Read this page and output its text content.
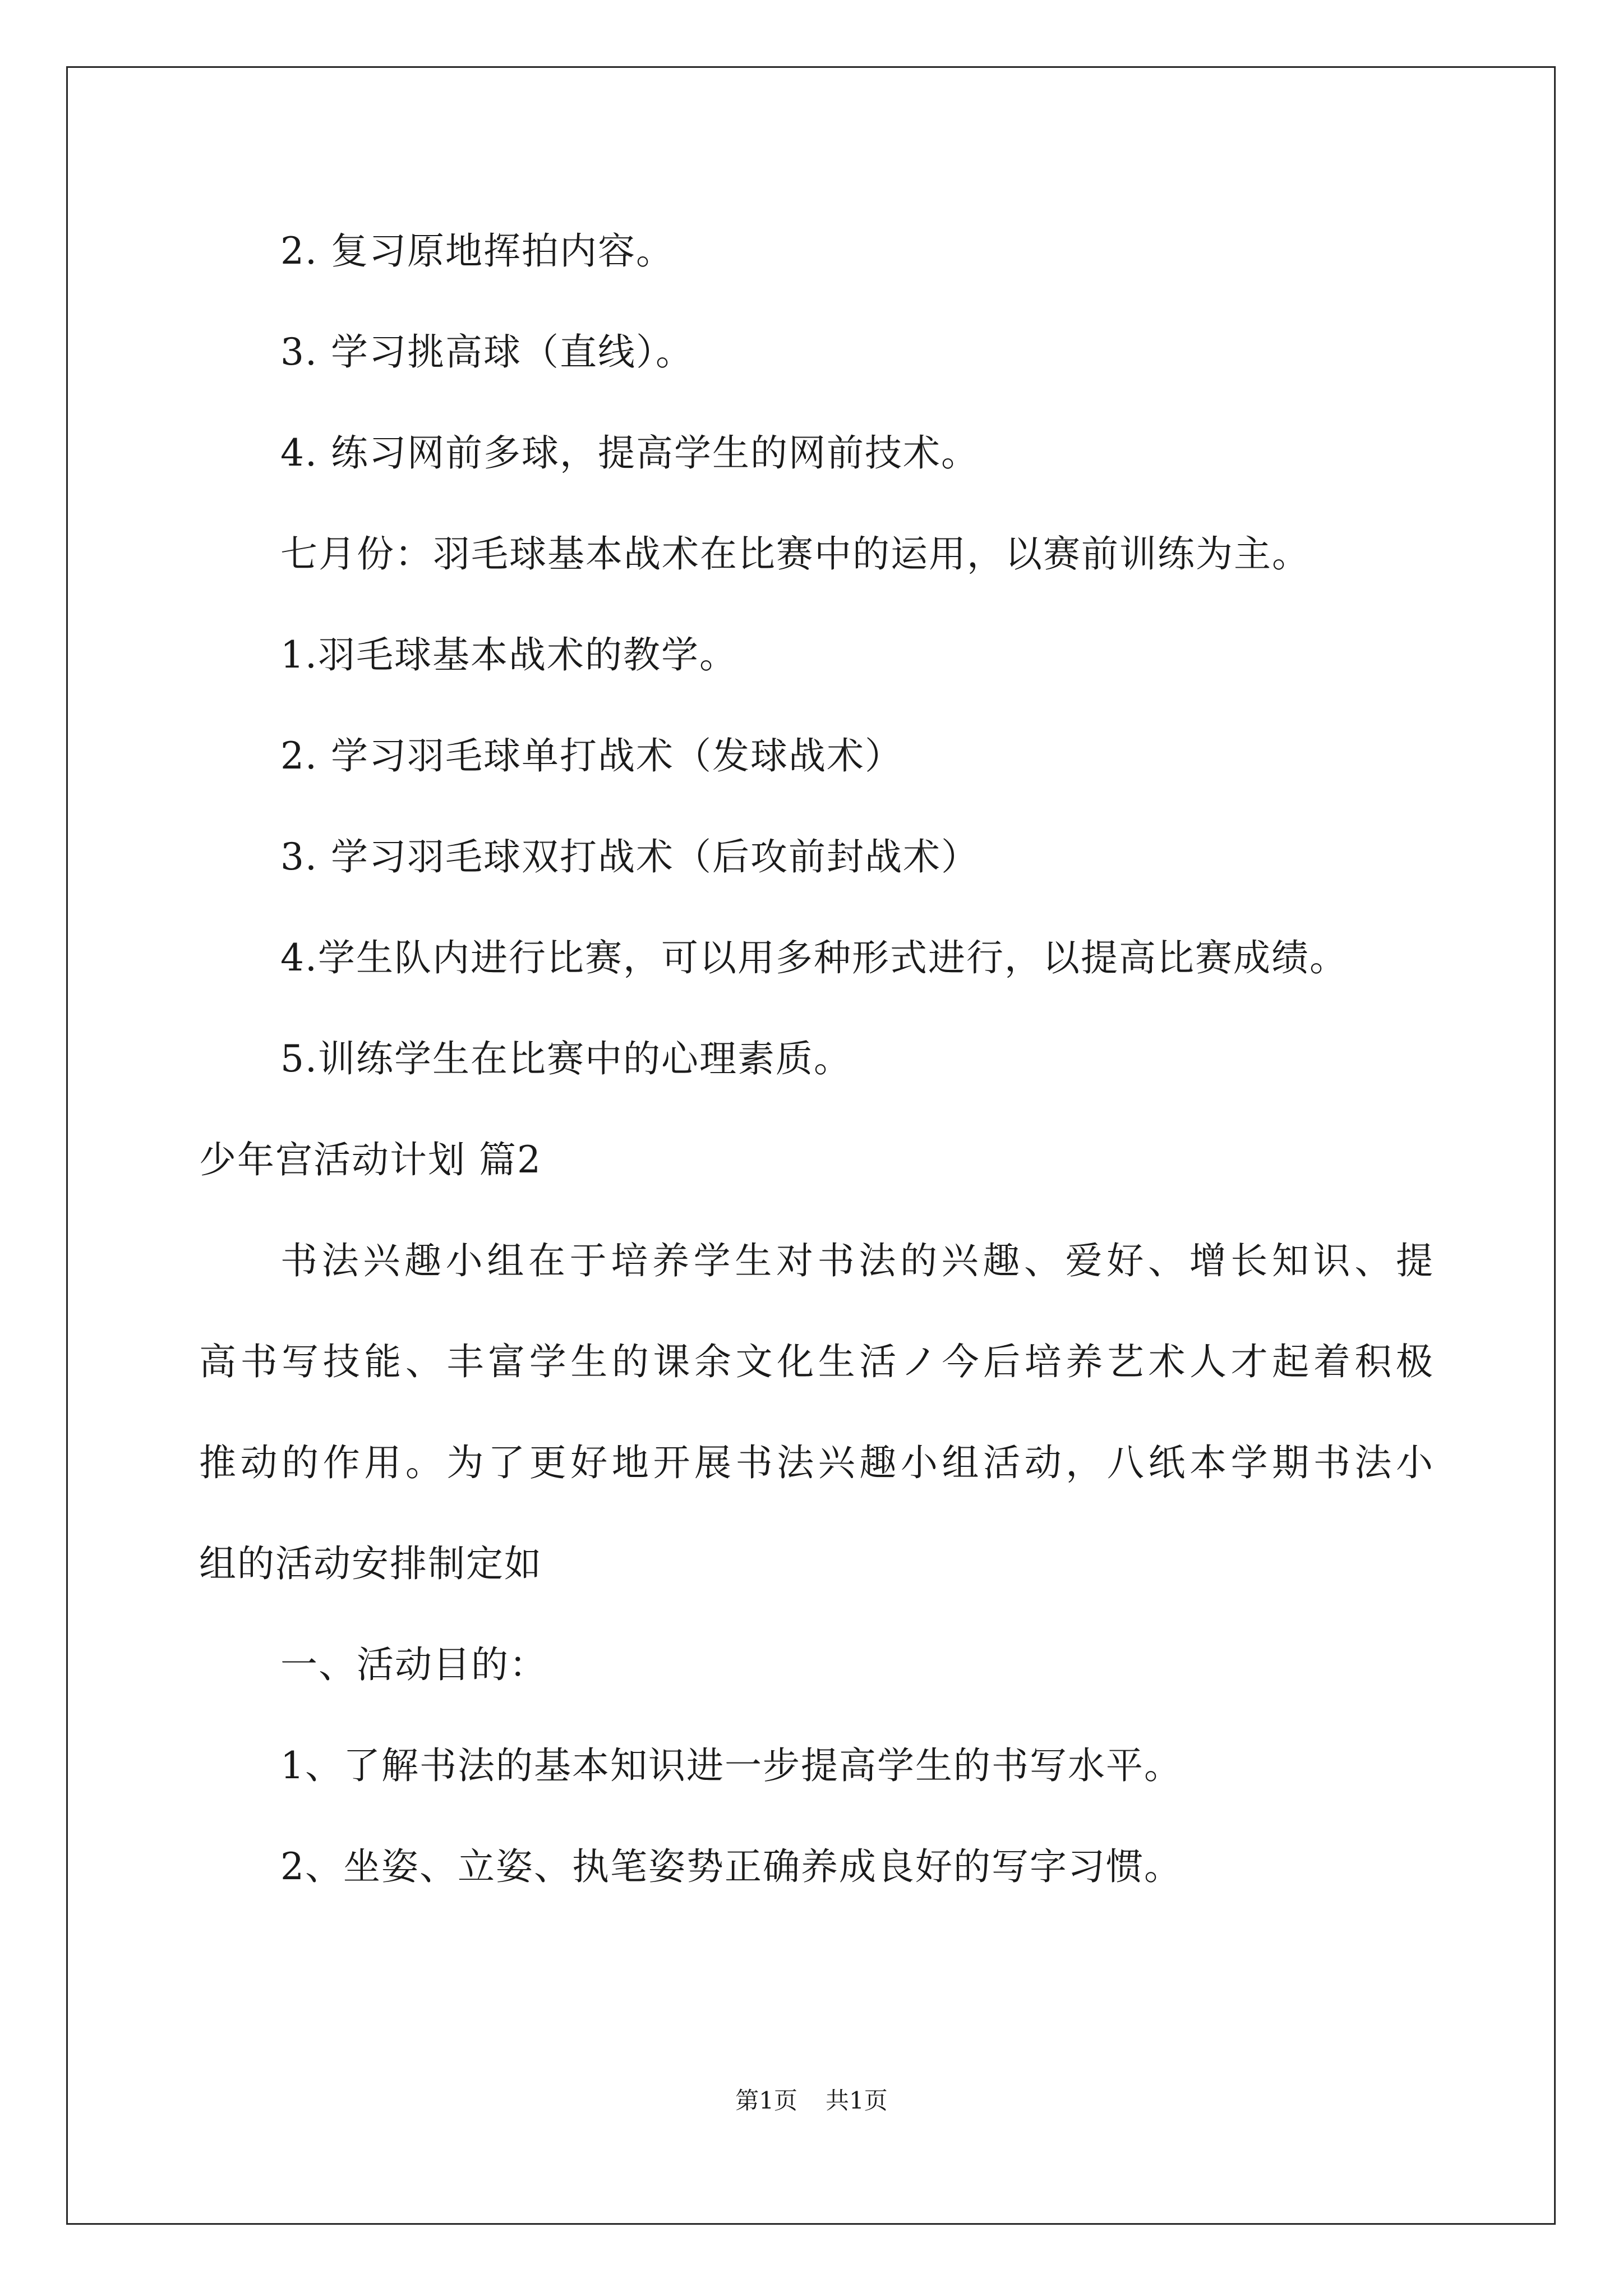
2. 复习原地挥拍内容。

3. 学习挑高球（直线）。

4. 练习网前多球，提高学生的网前技术。

七月份：羽毛球基本战术在比赛中的运用，以赛前训练为主。

1.羽毛球基本战术的教学。

2. 学习羽毛球单打战术（发球战术）

3. 学习羽毛球双打战术（后攻前封战术）

4.学生队内进行比赛，可以用多种形式进行，以提高比赛成绩。

5.训练学生在比赛中的心理素质。

少年宫活动计划 篇2

书法兴趣小组在于培养学生对书法的兴趣、爱好、增长知识、提

高书写技能、丰富学生的课余文化生活ノ今后培养艺术人才起着积极

推动的作用。为了更好地开展书法兴趣小组活动，八纸本学期书法小

组的活动安排制定如

一、活动目的：

1、了解书法的基本知识进一步提高学生的书写水平。

2、坐姿、立姿、执笔姿势正确养成良好的写字习惯。

第1页 共1页
